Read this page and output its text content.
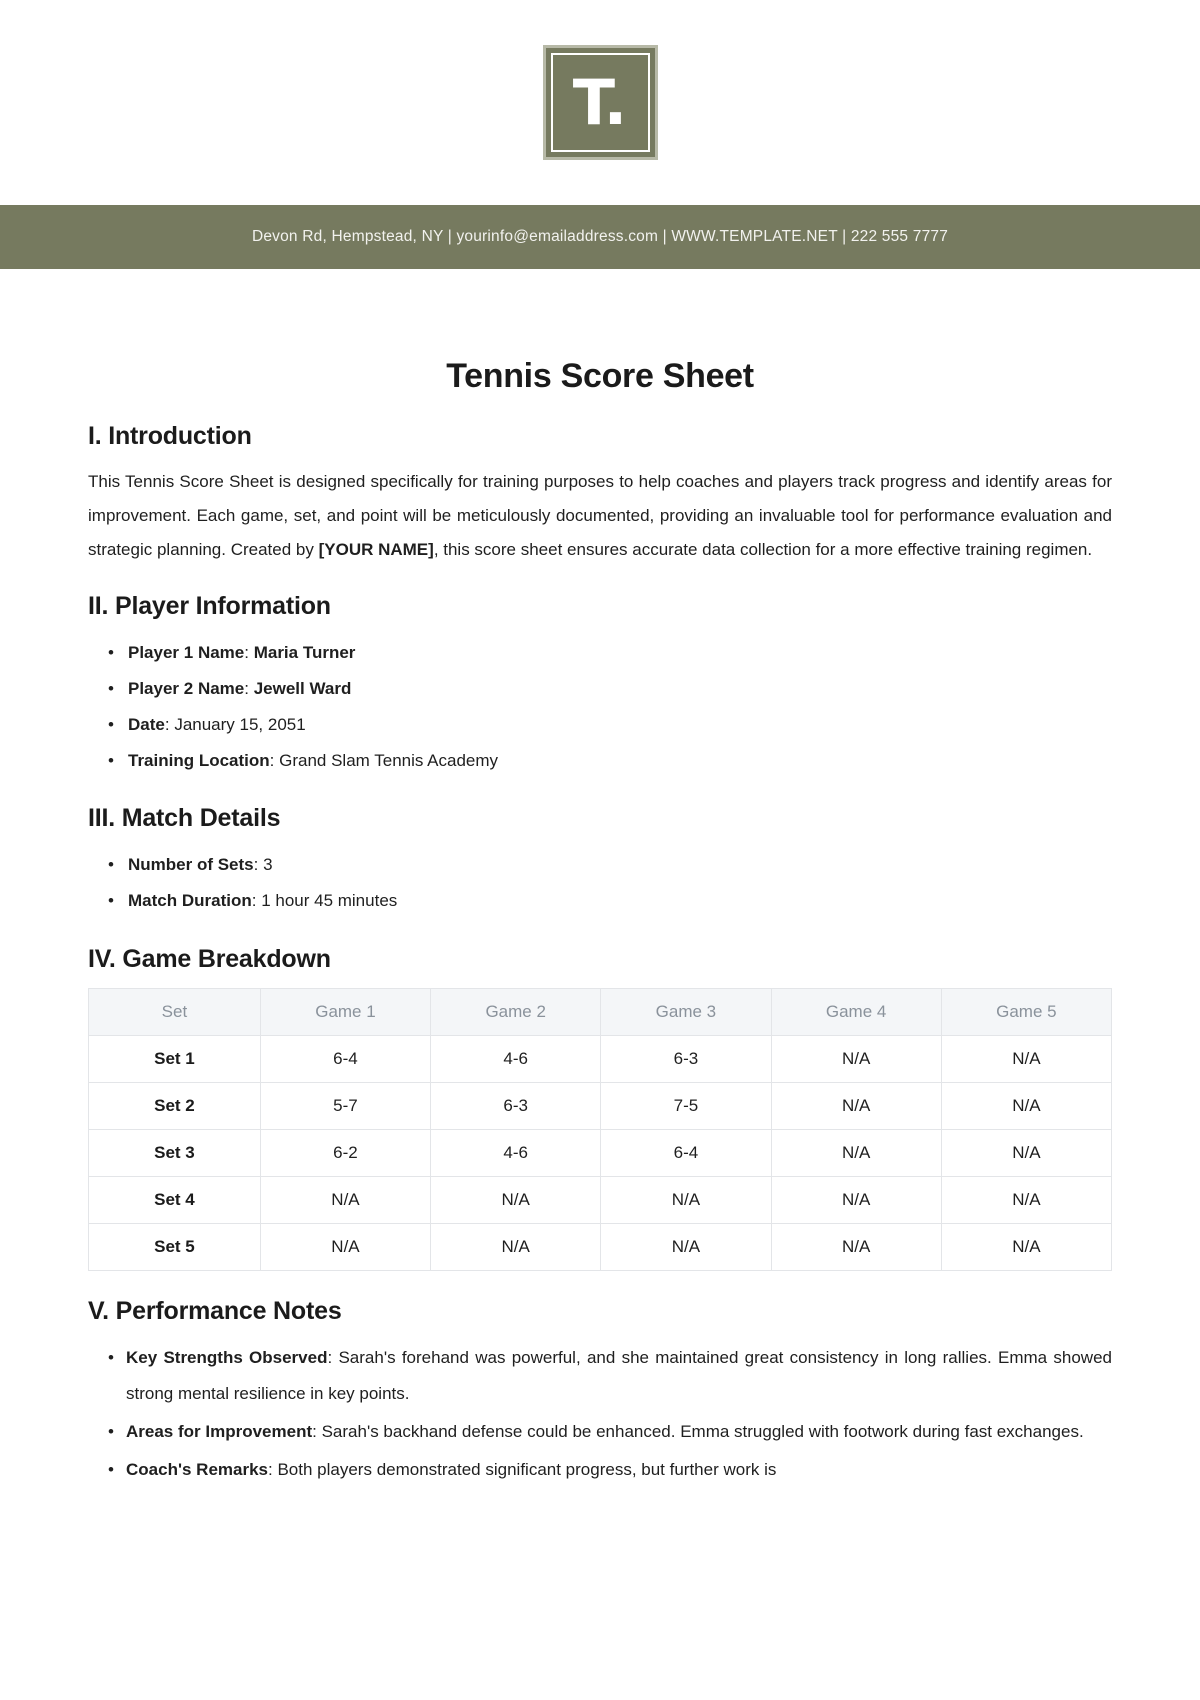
T.
Devon Rd, Hempstead, NY | yourinfo@emailaddress.com | WWW.TEMPLATE.NET | 222 555 7777
Tennis Score Sheet
I. Introduction

This Tennis Score Sheet is designed specifically for training purposes to help coaches and players track progress and identify areas for improvement. Each game, set, and point will be meticulously documented, providing an invaluable tool for performance evaluation and strategic planning. Created by [YOUR NAME], this score sheet ensures accurate data collection for a more effective training regimen.

II. Player Information
• Player 1 Name: Maria Turner
• Player 2 Name: Jewell Ward
• Date: January 15, 2051
• Training Location: Grand Slam Tennis Academy
III. Match Details
• Number of Sets: 3
• Match Duration: 1 hour 45 minutes
IV. Game Breakdown
Set	Game 1	Game 2	Game 3	Game 4	Game 5
Set 1	6-4	4-6	6-3	N/A	N/A
Set 2	5-7	6-3	7-5	N/A	N/A
Set 3	6-2	4-6	6-4	N/A	N/A
Set 4	N/A	N/A	N/A	N/A	N/A
Set 5	N/A	N/A	N/A	N/A	N/A
V. Performance Notes
• Key Strengths Observed: Sarah's forehand was powerful, and she maintained great consistency in long rallies. Emma showed strong mental resilience in key points.
• Areas for Improvement: Sarah's backhand defense could be enhanced. Emma struggled with footwork during fast exchanges.
• Coach's Remarks: Both players demonstrated significant progress, but further work is
